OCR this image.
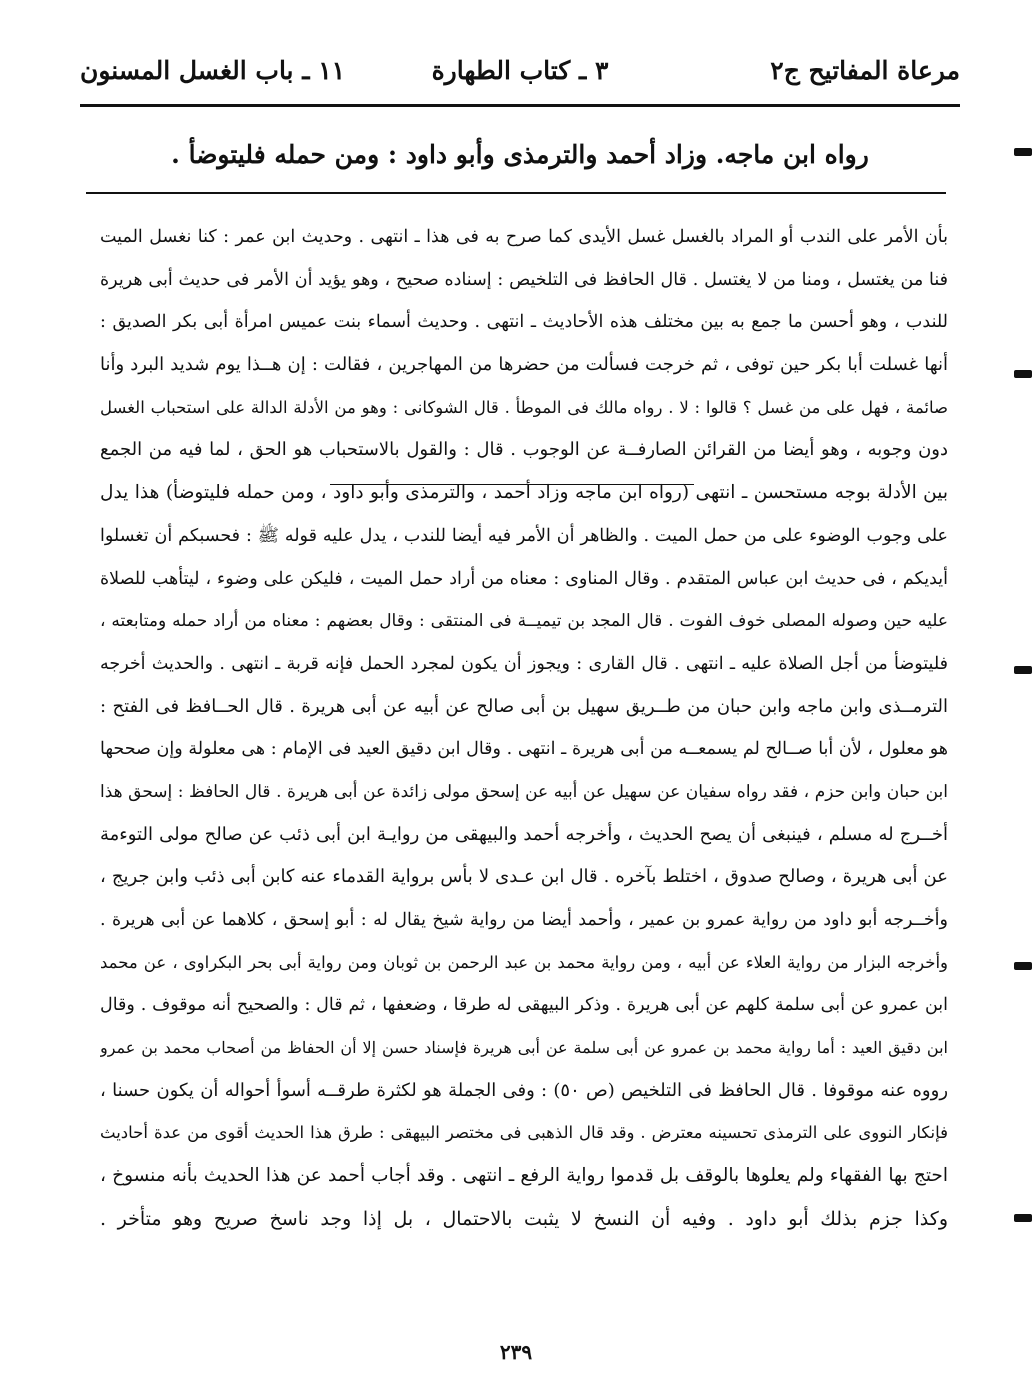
مرعاة المفاتيح ج٢
٣ ـ كتاب الطهارة
١١ ـ باب الغسل المسنون
رواه ابن ماجه. وزاد أحمد والترمذى وأبو داود : ومن حمله فليتوضأ .
بأن الأمر على الندب أو المراد بالغسل غسل الأيدى كما صرح به فى هذا ـ انتهى . وحديث ابن عمر : كنا نغسل الميت
فنا من يغتسل ، ومنا من لا يغتسل . قال الحافظ فى التلخيص : إسناده صحيح ، وهو يؤيد أن الأمر فى حديث أبى هريرة
للندب ، وهو أحسن ما جمع به بين مختلف هذه الأحاديث ـ انتهى . وحديث أسماء بنت عميس امرأة أبى بكر الصديق :
أنها غسلت أبا بكر حين توفى ، ثم خرجت فسألت من حضرها من المهاجرين ، فقالت : إن هــذا يوم شديد البرد وأنا
صائمة ، فهل على من غسل ؟ قالوا : لا . رواه مالك فى الموطأ . قال الشوكانى : وهو من الأدلة الدالة على استحباب الغسل
دون وجوبه ، وهو أيضا من القرائن الصارفــة عن الوجوب . قال : والقول بالاستحباب هو الحق ، لما فيه من الجمع
بين الأدلة بوجه مستحسن ـ انتهى (رواه ابن ماجه وزاد أحمد ، والترمذى وأبو داود ، ومن حمله فليتوضأ) هذا يدل
على وجوب الوضوء على من حمل الميت . والظاهر أن الأمر فيه أيضا للندب ، يدل عليه قوله ﷺ : فحسبكم أن تغسلوا
أيديكم ، فى حديث ابن عباس المتقدم . وقال المناوى : معناه من أراد حمل الميت ، فليكن على وضوء ، ليتأهب للصلاة
عليه حين وصوله المصلى خوف الفوت . قال المجد بن تيميــة فى المنتقى : وقال بعضهم : معناه من أراد حمله ومتابعته ،
فليتوضأ من أجل الصلاة عليه ـ انتهى . قال القارى : ويجوز أن يكون لمجرد الحمل فإنه قربة ـ انتهى . والحديث أخرجه
الترمــذى وابن ماجه وابن حبان من طــريق سهيل بن أبى صالح عن أبيه عن أبى هريرة . قال الحــافظ فى الفتح :
هو معلول ، لأن أبا صــالح لم يسمعــه من أبى هريرة ـ انتهى . وقال ابن دقيق العيد فى الإمام : هى معلولة وإن صححها
ابن حبان وابن حزم ، فقد رواه سفيان عن سهيل عن أبيه عن إسحق مولى زائدة عن أبى هريرة . قال الحافظ : إسحق هذا
أخــرج له مسلم ، فينبغى أن يصح الحديث ، وأخرجه أحمد والبيهقى من روايـة ابن أبى ذئب عن صالح مولى التوءمة
عن أبى هريرة ، وصالح صدوق ، اختلط بآخره . قال ابن عـدى لا بأس برواية القدماء عنه كابن أبى ذئب وابن جريج ،
وأخــرجه أبو داود من رواية عمرو بن عمير ، وأحمد أيضا من رواية شيخ يقال له : أبو إسحق ، كلاهما عن أبى هريرة .
وأخرجه البزار من رواية العلاء عن أبيه ، ومن رواية محمد بن عبد الرحمن بن ثوبان ومن رواية أبى بحر البكراوى ، عن محمد
ابن عمرو عن أبى سلمة كلهم عن أبى هريرة . وذكر البيهقى له طرقا ، وضعفها ، ثم قال : والصحيح أنه موقوف . وقال
ابن دقيق العيد : أما رواية محمد بن عمرو عن أبى سلمة عن أبى هريرة فإسناد حسن إلا أن الحفاظ من أصحاب محمد بن عمرو
رووه عنه موقوفا . قال الحافظ فى التلخيص (ص ٥٠) : وفى الجملة هو لكثرة طرقــه أسوأ أحواله أن يكون حسنا ،
فإنكار النووى على الترمذى تحسينه معترض . وقد قال الذهبى فى مختصر البيهقى : طرق هذا الحديث أقوى من عدة أحاديث
احتج بها الفقهاء ولم يعلوها بالوقف بل قدموا رواية الرفع ـ انتهى . وقد أجاب أحمد عن هذا الحديث بأنه منسوخ ،
وكذا جزم بذلك أبو داود . وفيه أن النسخ لا يثبت بالاحتمال ، بل إذا وجد ناسخ صريح وهو متأخر .
٢٣٩
